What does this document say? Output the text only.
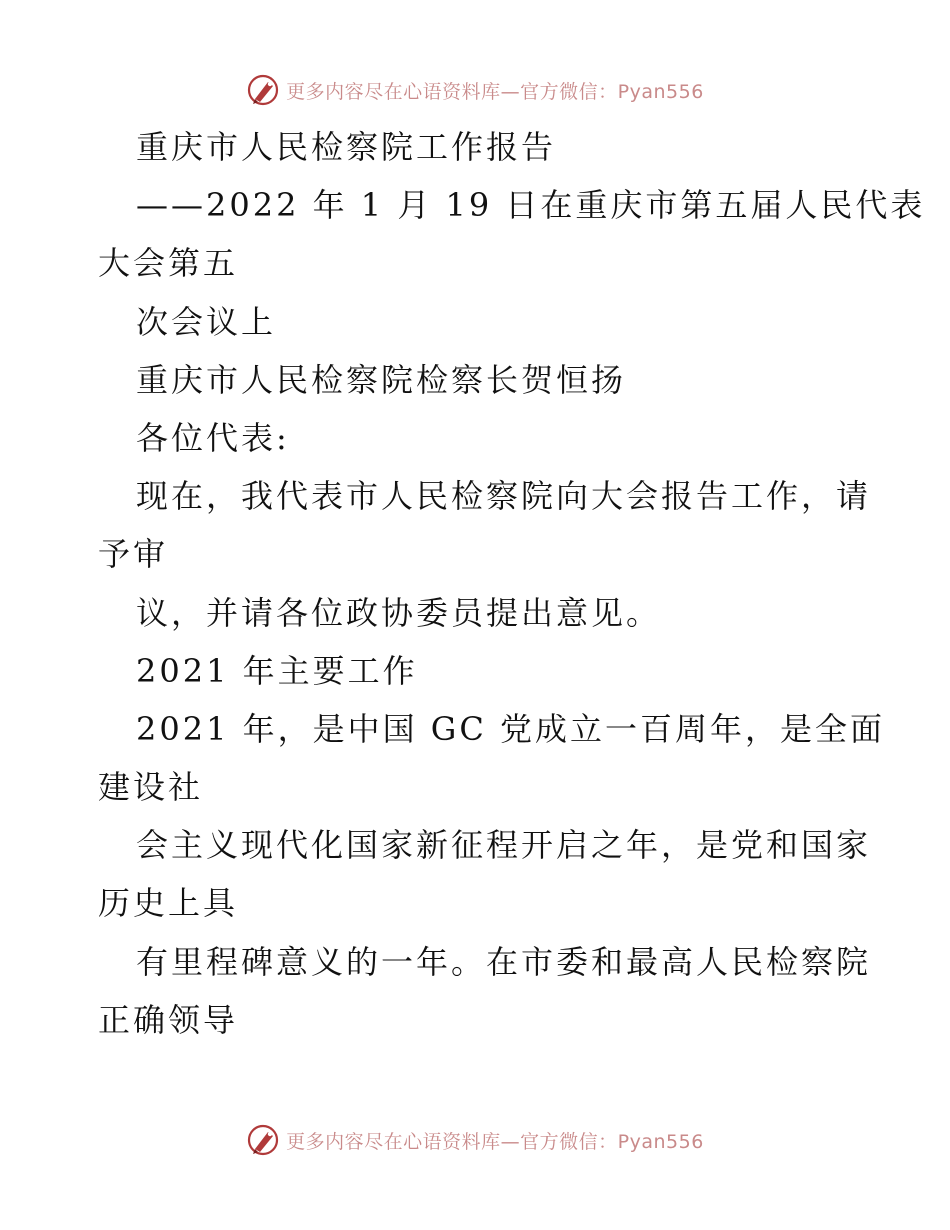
更多内容尽在心语资料库—官方微信：Pyan556
重庆市人民检察院工作报告
——2022 年 1 月 19 日在重庆市第五届人民代表
大会第五
次会议上
重庆市人民检察院检察长贺恒扬
各位代表:
现在，我代表市人民检察院向大会报告工作，请
予审
议，并请各位政协委员提出意见。
2021 年主要工作
2021 年，是中国 GC 党成立一百周年，是全面
建设社
会主义现代化国家新征程开启之年，是党和国家
历史上具
有里程碑意义的一年。在市委和最高人民检察院
正确领导
更多内容尽在心语资料库—官方微信：Pyan556
